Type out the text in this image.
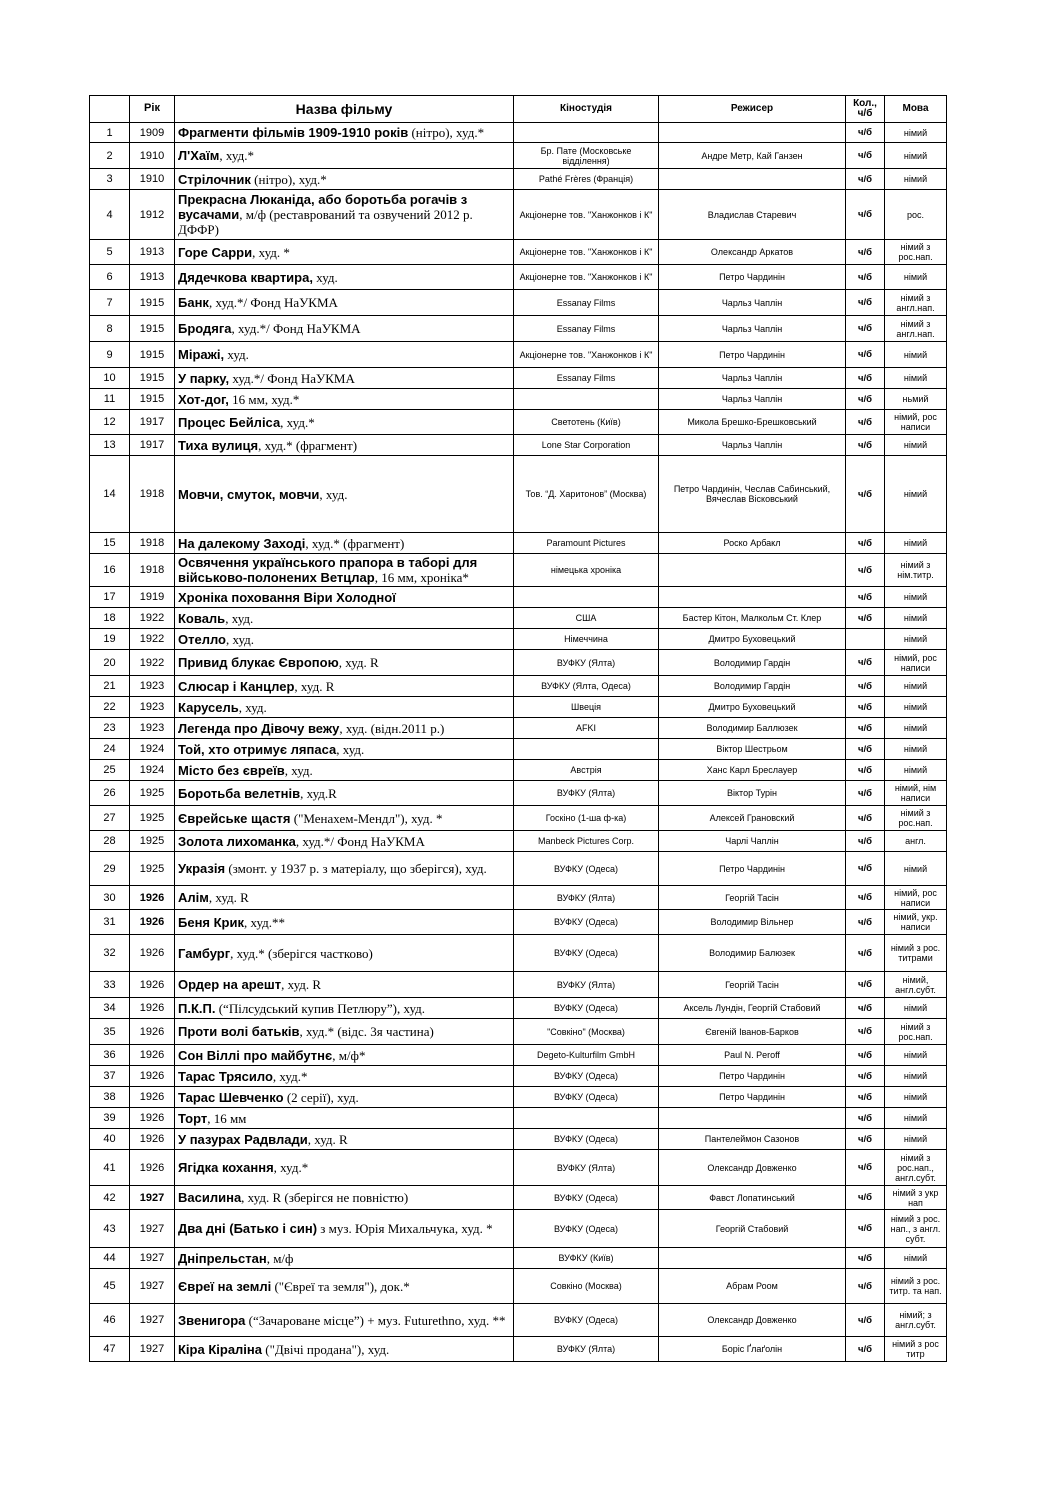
	Рік	Назва фільму	Кіностудія	Режисер	Кол., ч/б	Мова
1	1909	Фрагменти фільмів 1909-1910 років (нітро), худ.*			ч/б	німий
2	1910	Л'Хаїм, худ.*	Бр. Пате (Московське відділення)	Андре Метр, Кай Ганзен	ч/б	німий
3	1910	Стрілочник (нітро), худ.*	Pathé Frères (Франція)		ч/б	німий
4	1912	Прекрасна Люканіда, або боротьба рогачів з вусачами, м/ф (реставрований та озвучений 2012 р. ДФФР)	Акціонерне тов. "Ханжонков і К"	Владислав Старевич	ч/б	рос.
5	1913	Горе Сарри, худ. *	Акціонерне тов. "Ханжонков і К"	Олександр Аркатов	ч/б	німий з рос.нап.
6	1913	Дядечкова квартира, худ.	Акціонерне тов. "Ханжонков і К"	Петро Чардинін	ч/б	німий
7	1915	Банк, худ.*/ Фонд НаУКМА	Essanay Films	Чарльз Чаплін	ч/б	німий з англ.нап.
8	1915	Бродяга, худ.*/ Фонд НаУКМА	Essanay Films	Чарльз Чаплін	ч/б	німий з англ.нап.
9	1915	Міражі, худ.	Акціонерне тов. "Ханжонков і К"	Петро Чардинін	ч/б	німий
10	1915	У парку, худ.*/ Фонд НаУКМА	Essanay Films	Чарльз Чаплін	ч/б	німий
11	1915	Хот-дог, 16 мм, худ.*		Чарльз Чаплін	ч/б	ньмий
12	1917	Процес Бейліса, худ.*	Светотень (Київ)	Микола Брешко-Брешковський	ч/б	німий, рос написи
13	1917	Тиха вулиця, худ.* (фрагмент)	Lone Star Corporation	Чарльз Чаплін	ч/б	німий
14	1918	Мовчи, смуток, мовчи, худ.	Тов. “Д. Харитонов” (Москва)	Петро Чардинін, Чеслав Сабинський, Вячеслав Вісковський	ч/б	німий
15	1918	На далекому Заході, худ.* (фрагмент)	Paramount Pictures	Роско Арбакл	ч/б	німий
16	1918	Освячення українського прапора в таборі для військово-полонених Ветцлар, 16 мм, хроніка*	німецька хроніка		ч/б	німий з нім.титр.
17	1919	Хроніка поховання Віри Холодної			ч/б	німий
18	1922	Коваль, худ.	США	Бастер Кітон, Малкольм Ст. Клер	ч/б	німий
19	1922	Отелло, худ.	Німеччина	Дмитро Буховецький		німий
20	1922	Привид блукає Європою, худ. R	ВУФКУ (Ялта)	Володимир Гардін	ч/б	німий, рос написи
21	1923	Слюсар і Канцлер, худ. R	ВУФКУ (Ялта, Одеса)	Володимир Гардін	ч/б	німий
22	1923	Карусель, худ.	Швеція	Дмитро Буховецький	ч/б	німий
23	1923	Легенда про Дівочу вежу, худ. (відн.2011 р.)	AFKI	Володимир Баллюзек	ч/б	німий
24	1924	Той, хто отримує ляпаса, худ.		Віктор Шестрьом	ч/б	німий
25	1924	Місто без євреїв, худ.	Австрія	Ханс Карл Бреслауер	ч/б	німий
26	1925	Боротьба велетнів, худ.R	ВУФКУ (Ялта)	Віктор Турін	ч/б	німий, нім написи
27	1925	Єврейське щастя ("Менахем-Мендл"), худ. *	Госкіно (1-ша ф-ка)	Алексей Грановский	ч/б	німий з рос.нап.
28	1925	Золота лихоманка, худ.*/ Фонд НаУКМА	Manbeck Pictures Corp.	Чарлі Чаплін	ч/б	англ.
29	1925	Укразія (змонт. у 1937 р. з матеріалу, що зберігся), худ.	ВУФКУ (Одеса)	Петро Чардинін	ч/б	німий
30	1926	Алім, худ. R	ВУФКУ (Ялта)	Георгій Тасін	ч/б	німий, рос написи
31	1926	Беня Крик, худ.**	ВУФКУ (Одеса)	Володимир Вільнер	ч/б	німий, укр. написи
32	1926	Гамбург, худ.* (зберігся частково)	ВУФКУ (Одеса)	Володимир Балюзек	ч/б	німий з рос. титрами
33	1926	Ордер на арешт, худ. R	ВУФКУ (Ялта)	Георгій Тасін	ч/б	німий, англ.субт.
34	1926	П.К.П. (“Пілсудський купив Петлюру”), худ.	ВУФКУ (Одеса)	Аксель Лундін, Георгій Стабовий	ч/б	німий
35	1926	Проти волі батьків, худ.* (відс. 3я частина)	"Совкіно" (Москва)	Євгеній Іванов-Барков	ч/б	німий з рос.нап.
36	1926	Сон Віллі про майбутнє, м/ф*	Degeto-Kulturfilm GmbH	Paul N. Peroff	ч/б	німий
37	1926	Тарас Трясило, худ.*	ВУФКУ (Одеса)	Петро Чардинін	ч/б	німий
38	1926	Тарас Шевченко (2 серії), худ.	ВУФКУ (Одеса)	Петро Чардинін	ч/б	німий
39	1926	Торт, 16 мм			ч/б	німий
40	1926	У пазурах Радвлади, худ. R	ВУФКУ (Одеса)	Пантелеймон Сазонов	ч/б	німий
41	1926	Ягідка кохання, худ.*	ВУФКУ (Ялта)	Олександр Довженко	ч/б	німий з рос.нап., англ.субт.
42	1927	Василина, худ. R (зберігся не повністю)	ВУФКУ (Одеса)	Фавст Лопатинський	ч/б	німий з укр нап
43	1927	Два дні (Батько і син) з муз. Юрія Михальчука, худ. *	ВУФКУ (Одеса)	Георгій Стабовий	ч/б	німий з рос. нап., з англ. субт.
44	1927	Дніпрельстан, м/ф	ВУФКУ (Київ)		ч/б	німий
45	1927	Євреї на землі ("Євреї та земля"), док.*	Совкіно (Москва)	Абрам Роом	ч/б	німий з рос. титр. та нап.
46	1927	Звенигора (“Зачароване місце”) + муз. Futurethno, худ. **	ВУФКУ (Одеса)	Олександр Довженко	ч/б	німий; з англ.субт.
47	1927	Кіра Кіраліна ("Двічі продана"), худ.	ВУФКУ (Ялта)	Боріс Ґлаґолін	ч/б	німий з рос титр
